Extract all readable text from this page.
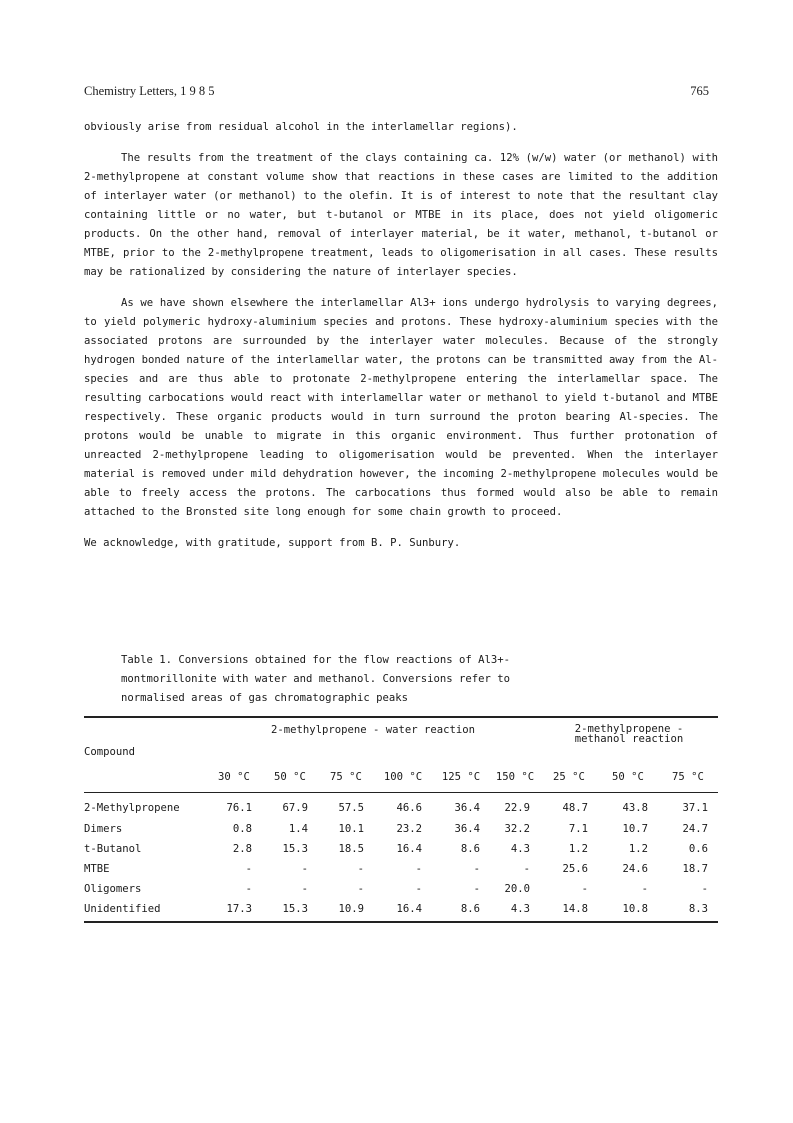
Chemistry Letters, 1 9 8 5	765

obviously arise from residual alcohol in the interlamellar regions).

The results from the treatment of the clays containing ca. 12% (w/w) water (or methanol) with 2-methylpropene at constant volume show that reactions in these cases are limited to the addition of interlayer water (or methanol) to the olefin. It is of interest to note that the resultant clay containing little or no water, but t-butanol or MTBE in its place, does not yield oligomeric products. On the other hand, removal of interlayer material, be it water, methanol, t-butanol or MTBE, prior to the 2-methylpropene treatment, leads to oligomerisation in all cases. These results may be rationalized by considering the nature of interlayer species.

As we have shown elsewhere the interlamellar Al3+ ions undergo hydrolysis to varying degrees, to yield polymeric hydroxy-aluminium species and protons. These hydroxy-aluminium species with the associated protons are surrounded by the interlayer water molecules. Because of the strongly hydrogen bonded nature of the interlamellar water, the protons can be transmitted away from the Al-species and are thus able to protonate 2-methylpropene entering the interlamellar space. The resulting carbocations would react with interlamellar water or methanol to yield t-butanol and MTBE respectively. These organic products would in turn surround the proton bearing Al-species. The protons would be unable to migrate in this organic environment. Thus further protonation of unreacted 2-methylpropene leading to oligomerisation would be prevented. When the interlayer material is removed under mild dehydration however, the incoming 2-methylpropene molecules would be able to freely access the protons. The carbocations thus formed would also be able to remain attached to the Bronsted site long enough for some chain growth to proceed.

We acknowledge, with gratitude, support from B. P. Sunbury.

Table 1. Conversions obtained for the flow reactions of Al3+-
montmorillonite with water and methanol. Conversions refer to
normalised areas of gas chromatographic peaks
Compound	2-methylpropene - water reaction						2-methylpropene -
methanol reaction		

	30 °C	50 °C	75 °C	100 °C	125 °C	150 °C	25 °C	50 °C	75 °C
2-Methylpropene	76.1	67.9	57.5	46.6	36.4	22.9	48.7	43.8	37.1
Dimers	0.8	1.4	10.1	23.2	36.4	32.2	7.1	10.7	24.7
t-Butanol	2.8	15.3	18.5	16.4	8.6	4.3	1.2	1.2	0.6
MTBE	-	-	-	-	-	-	25.6	24.6	18.7
Oligomers	-	-	-	-	-	20.0	-	-	-
Unidentified	17.3	15.3	10.9	16.4	8.6	4.3	14.8	10.8	8.3
